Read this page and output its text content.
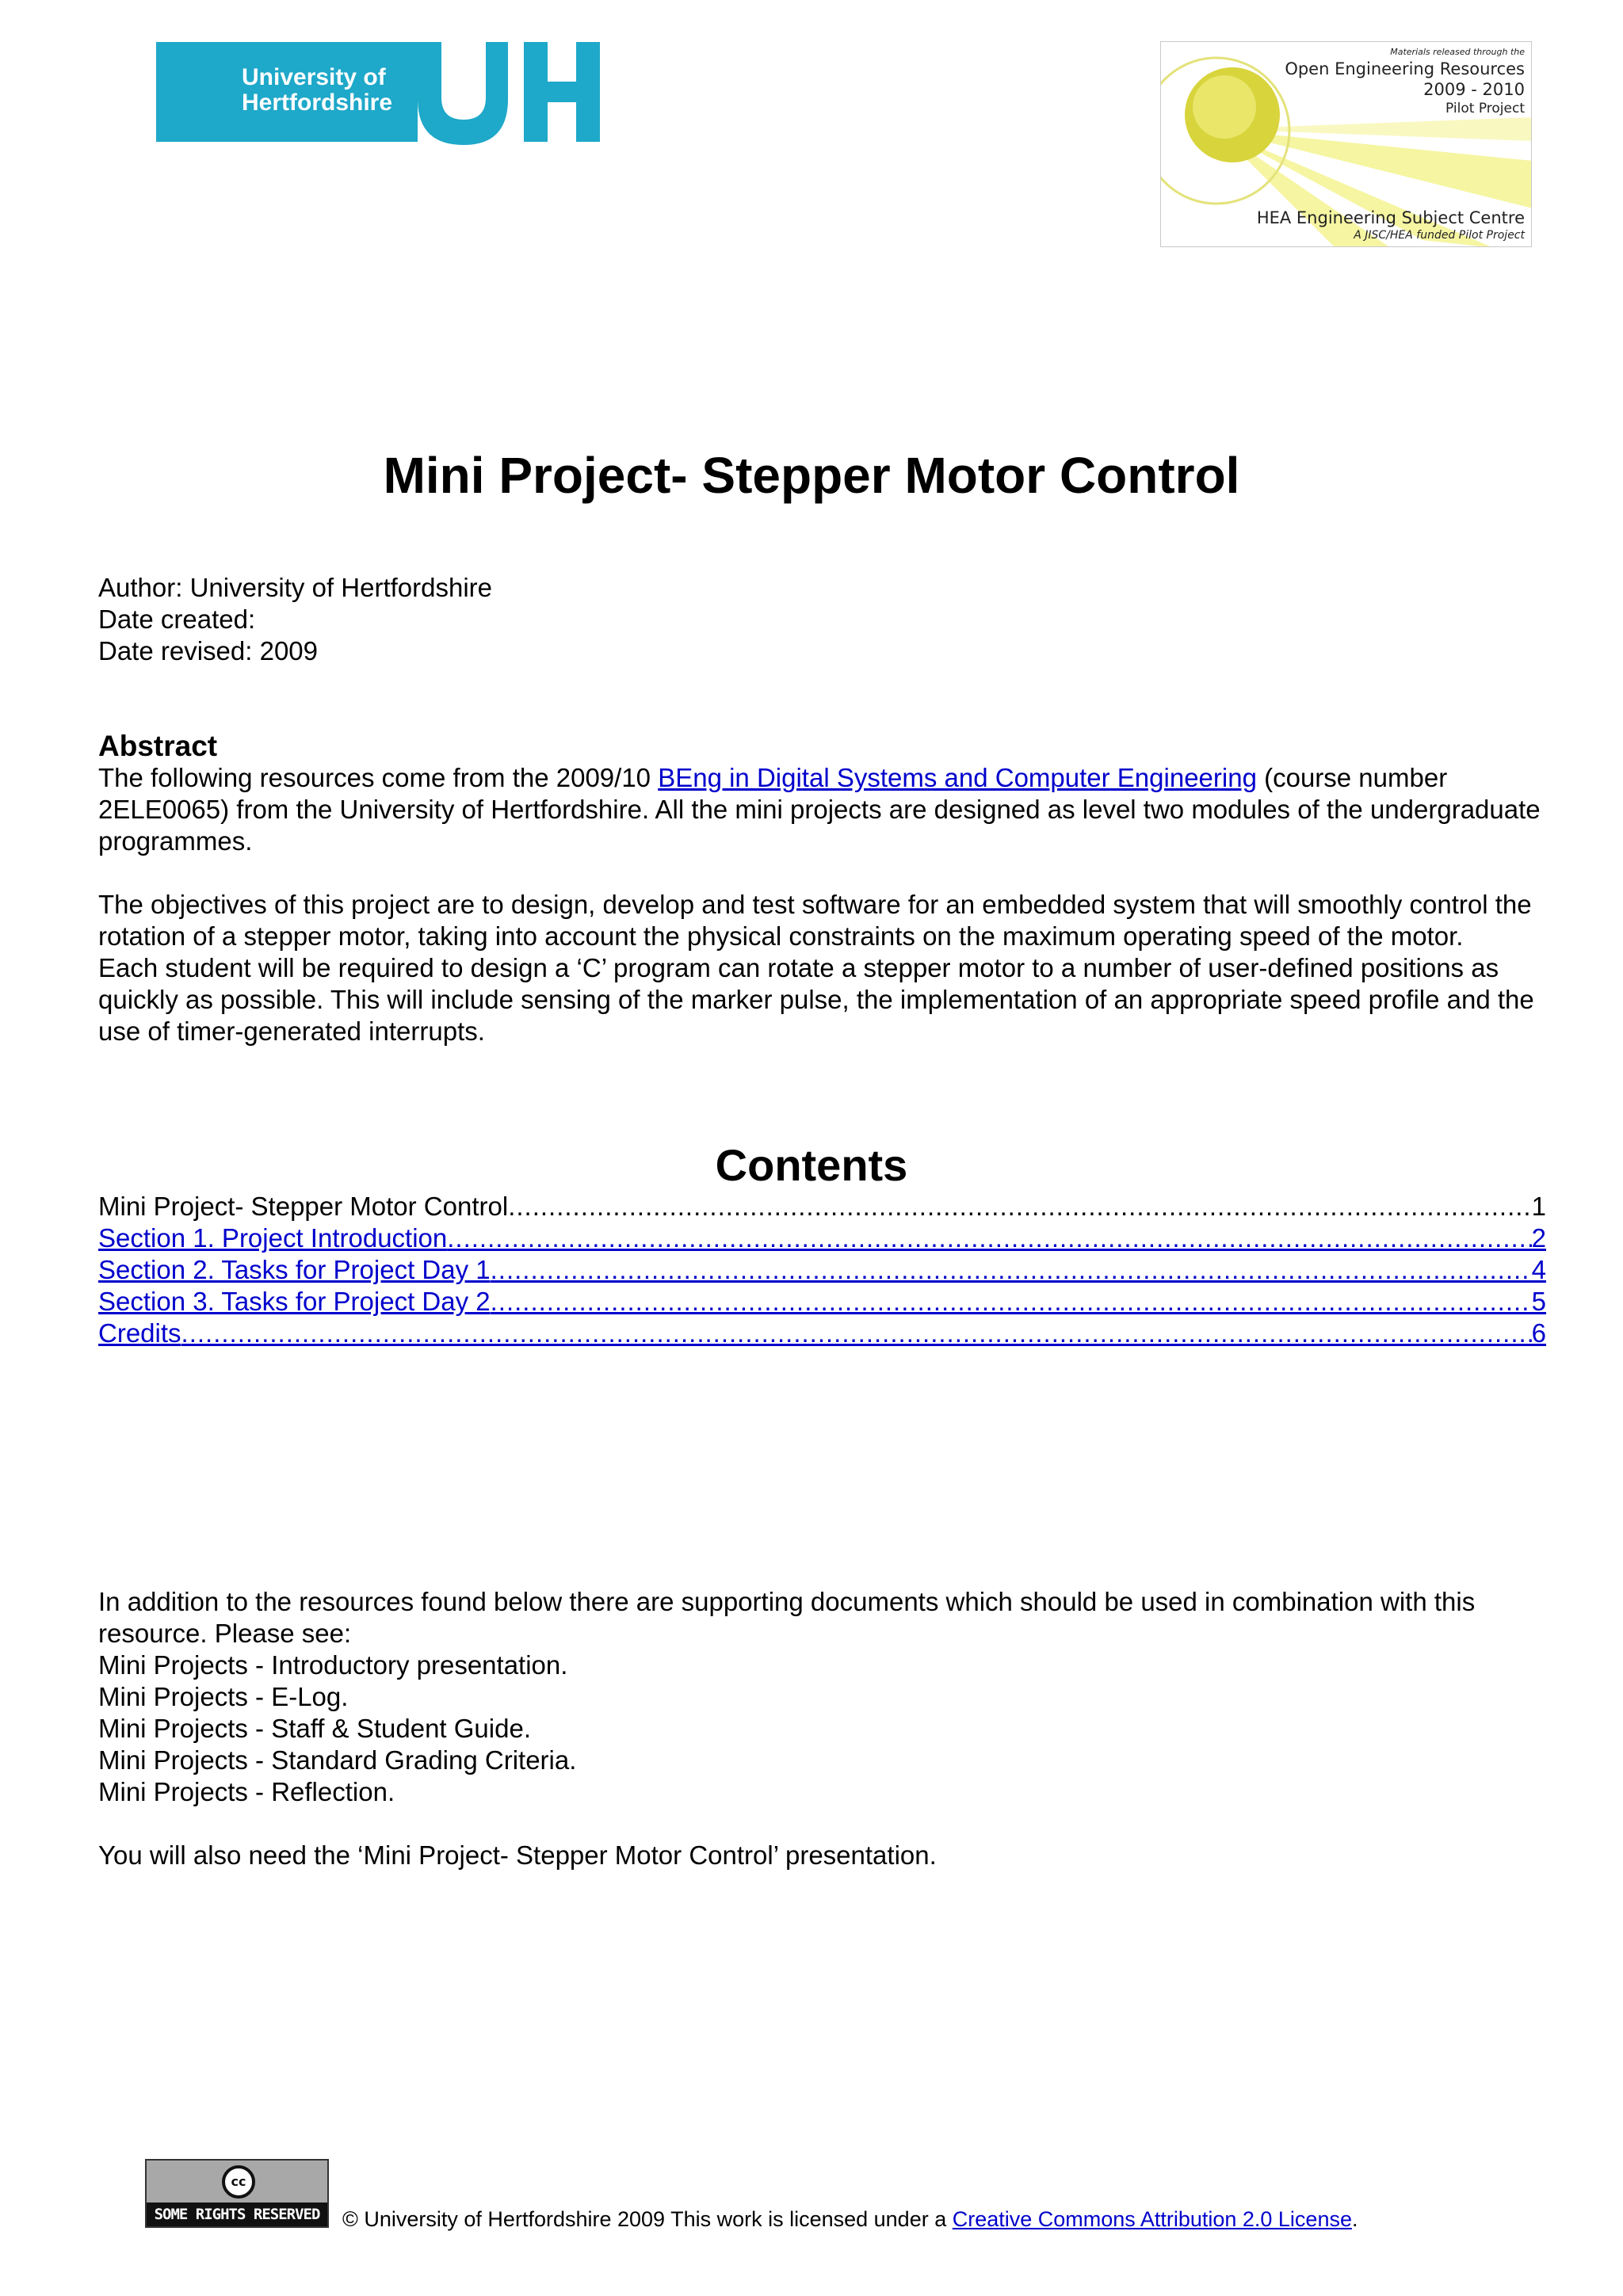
University of
Hertfordshire
Materials released through the
Open Engineering Resources
2009 - 2010
Pilot Project
HEA Engineering Subject Centre
A JISC/HEA funded Pilot Project
Mini Project- Stepper Motor Control
Author: University of Hertfordshire
Date created:
Date revised: 2009
Abstract

The following resources come from the 2009/10 BEng in Digital Systems and Computer Engineering (course number 2ELE0065) from the University of Hertfordshire. All the mini projects are designed as level two modules of the undergraduate programmes.

The objectives of this project are to design, develop and test software for an embedded system that will smoothly control the rotation of a stepper motor, taking into account the physical constraints on the maximum operating speed of the motor.

Each student will be required to design a ‘C’ program can rotate a stepper motor to a number of user-defined positions as quickly as possible. This will include sensing of the marker pulse, the implementation of an appropriate speed profile and the use of timer-generated interrupts.

Contents
Mini Project- Stepper Motor Control .....	1
Section 1. Project Introduction .....	2
Section 2. Tasks for Project Day 1 .....	4
Section 3. Tasks for Project Day 2 .....	5
Credits .....	6

In addition to the resources found below there are supporting documents which should be used in combination with this resource. Please see:

Mini Projects - Introductory presentation.
Mini Projects - E-Log.
Mini Projects - Staff & Student Guide.
Mini Projects - Standard Grading Criteria.
Mini Projects - Reflection.

You will also need the ‘Mini Project- Stepper Motor Control’ presentation.

cc
SOME RIGHTS RESERVED	© University of Hertfordshire 2009 This work is licensed under a Creative Commons Attribution 2.0 License.
